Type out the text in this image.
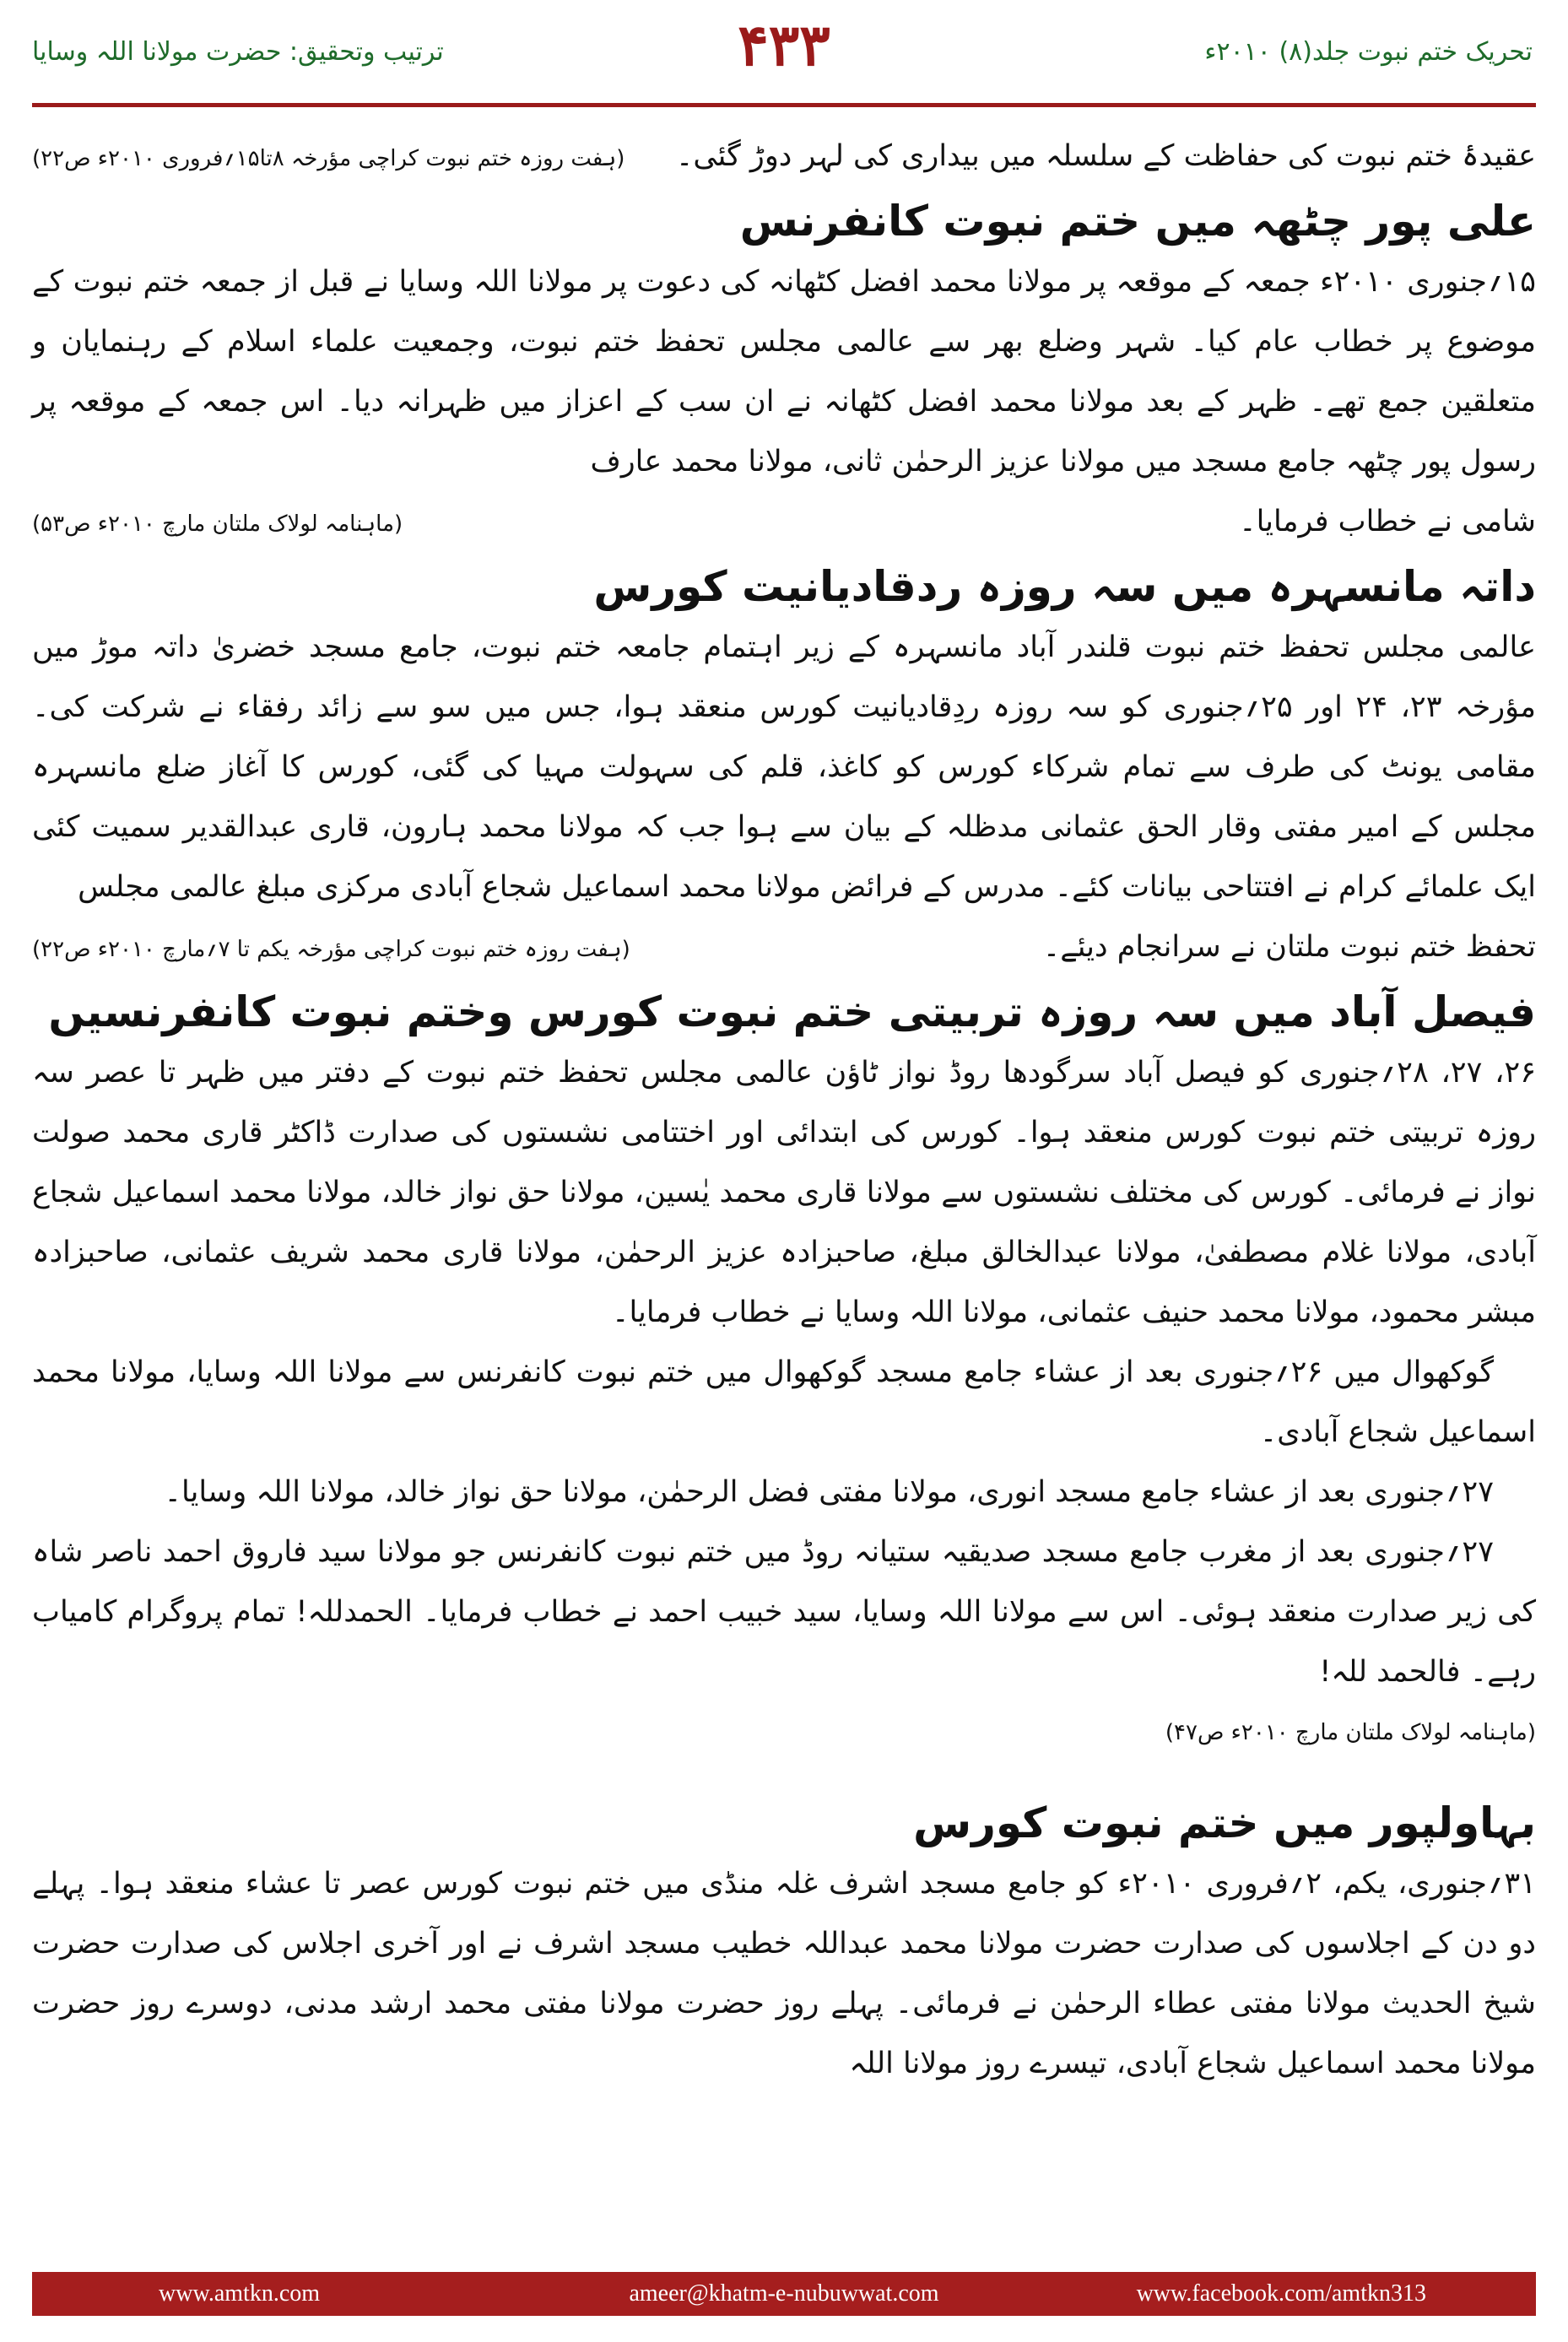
ترتیب وتحقیق: حضرت مولانا اللہ وسایا	۴۳۳	تحریک ختم نبوت جلد(۸) ۲۰۱۰ء

عقیدۂ ختم نبوت کی حفاظت کے سلسلہ میں بیداری کی لہر دوڑ گئی۔

(ہفت روزہ ختم نبوت کراچی مؤرخہ ۸تا۱۵؍فروری ۲۰۱۰ء ص۲۲)
علی پور چٹھہ میں ختم نبوت کانفرنس

۱۵؍جنوری ۲۰۱۰ء جمعہ کے موقعہ پر مولانا محمد افضل کٹھانہ کی دعوت پر مولانا اللہ وسایا نے قبل از جمعہ ختم نبوت کے موضوع پر خطاب عام کیا۔ شہر وضلع بھر سے عالمی مجلس تحفظ ختم نبوت، وجمعیت علماء اسلام کے رہنمایان و متعلقین جمع تھے۔ ظہر کے بعد مولانا محمد افضل کٹھانہ نے ان سب کے اعزاز میں ظہرانہ دیا۔ اس جمعہ کے موقعہ پر رسول پور چٹھہ جامع مسجد میں مولانا عزیز الرحمٰن ثانی، مولانا محمد عارف

شامی نے خطاب فرمایا۔

(ماہنامہ لولاک ملتان مارچ ۲۰۱۰ء ص۵۳)
داتہ مانسہرہ میں سہ روزہ ردقادیانیت کورس

عالمی مجلس تحفظ ختم نبوت قلندر آباد مانسہرہ کے زیر اہتمام جامعہ ختم نبوت، جامع مسجد خضریٰ داتہ موڑ میں مؤرخہ ۲۳، ۲۴ اور ۲۵؍جنوری کو سہ روزہ ردِقادیانیت کورس منعقد ہوا، جس میں سو سے زائد رفقاء نے شرکت کی۔ مقامی یونٹ کی طرف سے تمام شرکاء کورس کو کاغذ، قلم کی سہولت مہیا کی گئی، کورس کا آغاز ضلع مانسہرہ مجلس کے امیر مفتی وقار الحق عثمانی مدظلہ کے بیان سے ہوا جب کہ مولانا محمد ہارون، قاری عبدالقدیر سمیت کئی ایک علمائے کرام نے افتتاحی بیانات کئے۔ مدرس کے فرائض مولانا محمد اسماعیل شجاع آبادی مرکزی مبلغ عالمی مجلس

تحفظ ختم نبوت ملتان نے سرانجام دیئے۔

(ہفت روزہ ختم نبوت کراچی مؤرخہ یکم تا ۷؍مارچ ۲۰۱۰ء ص۲۲)
فیصل آباد میں سہ روزہ تربیتی ختم نبوت کورس وختم نبوت کانفرنسیں

۲۶، ۲۷، ۲۸؍جنوری کو فیصل آباد سرگودھا روڈ نواز ٹاؤن عالمی مجلس تحفظ ختم نبوت کے دفتر میں ظہر تا عصر سہ روزہ تربیتی ختم نبوت کورس منعقد ہوا۔ کورس کی ابتدائی اور اختتامی نشستوں کی صدارت ڈاکٹر قاری محمد صولت نواز نے فرمائی۔ کورس کی مختلف نشستوں سے مولانا قاری محمد یٰسین، مولانا حق نواز خالد، مولانا محمد اسماعیل شجاع آبادی، مولانا غلام مصطفیٰ، مولانا عبدالخالق مبلغ، صاحبزادہ عزیز الرحمٰن، مولانا قاری محمد شریف عثمانی، صاحبزادہ مبشر محمود، مولانا محمد حنیف عثمانی، مولانا اللہ وسایا نے خطاب فرمایا۔

گوکھوال میں ۲۶؍جنوری بعد از عشاء جامع مسجد گوکھوال میں ختم نبوت کانفرنس سے مولانا اللہ وسایا، مولانا محمد اسماعیل شجاع آبادی۔

۲۷؍جنوری بعد از عشاء جامع مسجد انوری، مولانا مفتی فضل الرحمٰن، مولانا حق نواز خالد، مولانا اللہ وسایا۔

۲۷؍جنوری بعد از مغرب جامع مسجد صدیقیہ ستیانہ روڈ میں ختم نبوت کانفرنس جو مولانا سید فاروق احمد ناصر شاہ کی زیر صدارت منعقد ہوئی۔ اس سے مولانا اللہ وسایا، سید خبیب احمد نے خطاب فرمایا۔ الحمدللہ! تمام پروگرام کامیاب رہے۔ فالحمد للہ!

(ماہنامہ لولاک ملتان مارچ ۲۰۱۰ء ص۴۷)
بہاولپور میں ختم نبوت کورس

۳۱؍جنوری، یکم، ۲؍فروری ۲۰۱۰ء کو جامع مسجد اشرف غلہ منڈی میں ختم نبوت کورس عصر تا عشاء منعقد ہوا۔ پہلے دو دن کے اجلاسوں کی صدارت حضرت مولانا محمد عبداللہ خطیب مسجد اشرف نے اور آخری اجلاس کی صدارت حضرت شیخ الحدیث مولانا مفتی عطاء الرحمٰن نے فرمائی۔ پہلے روز حضرت مولانا مفتی محمد ارشد مدنی، دوسرے روز حضرت مولانا محمد اسماعیل شجاع آبادی، تیسرے روز مولانا اللہ

www.amtkn.com	ameer@khatm-e-nubuwwat.com	www.facebook.com/amtkn313
